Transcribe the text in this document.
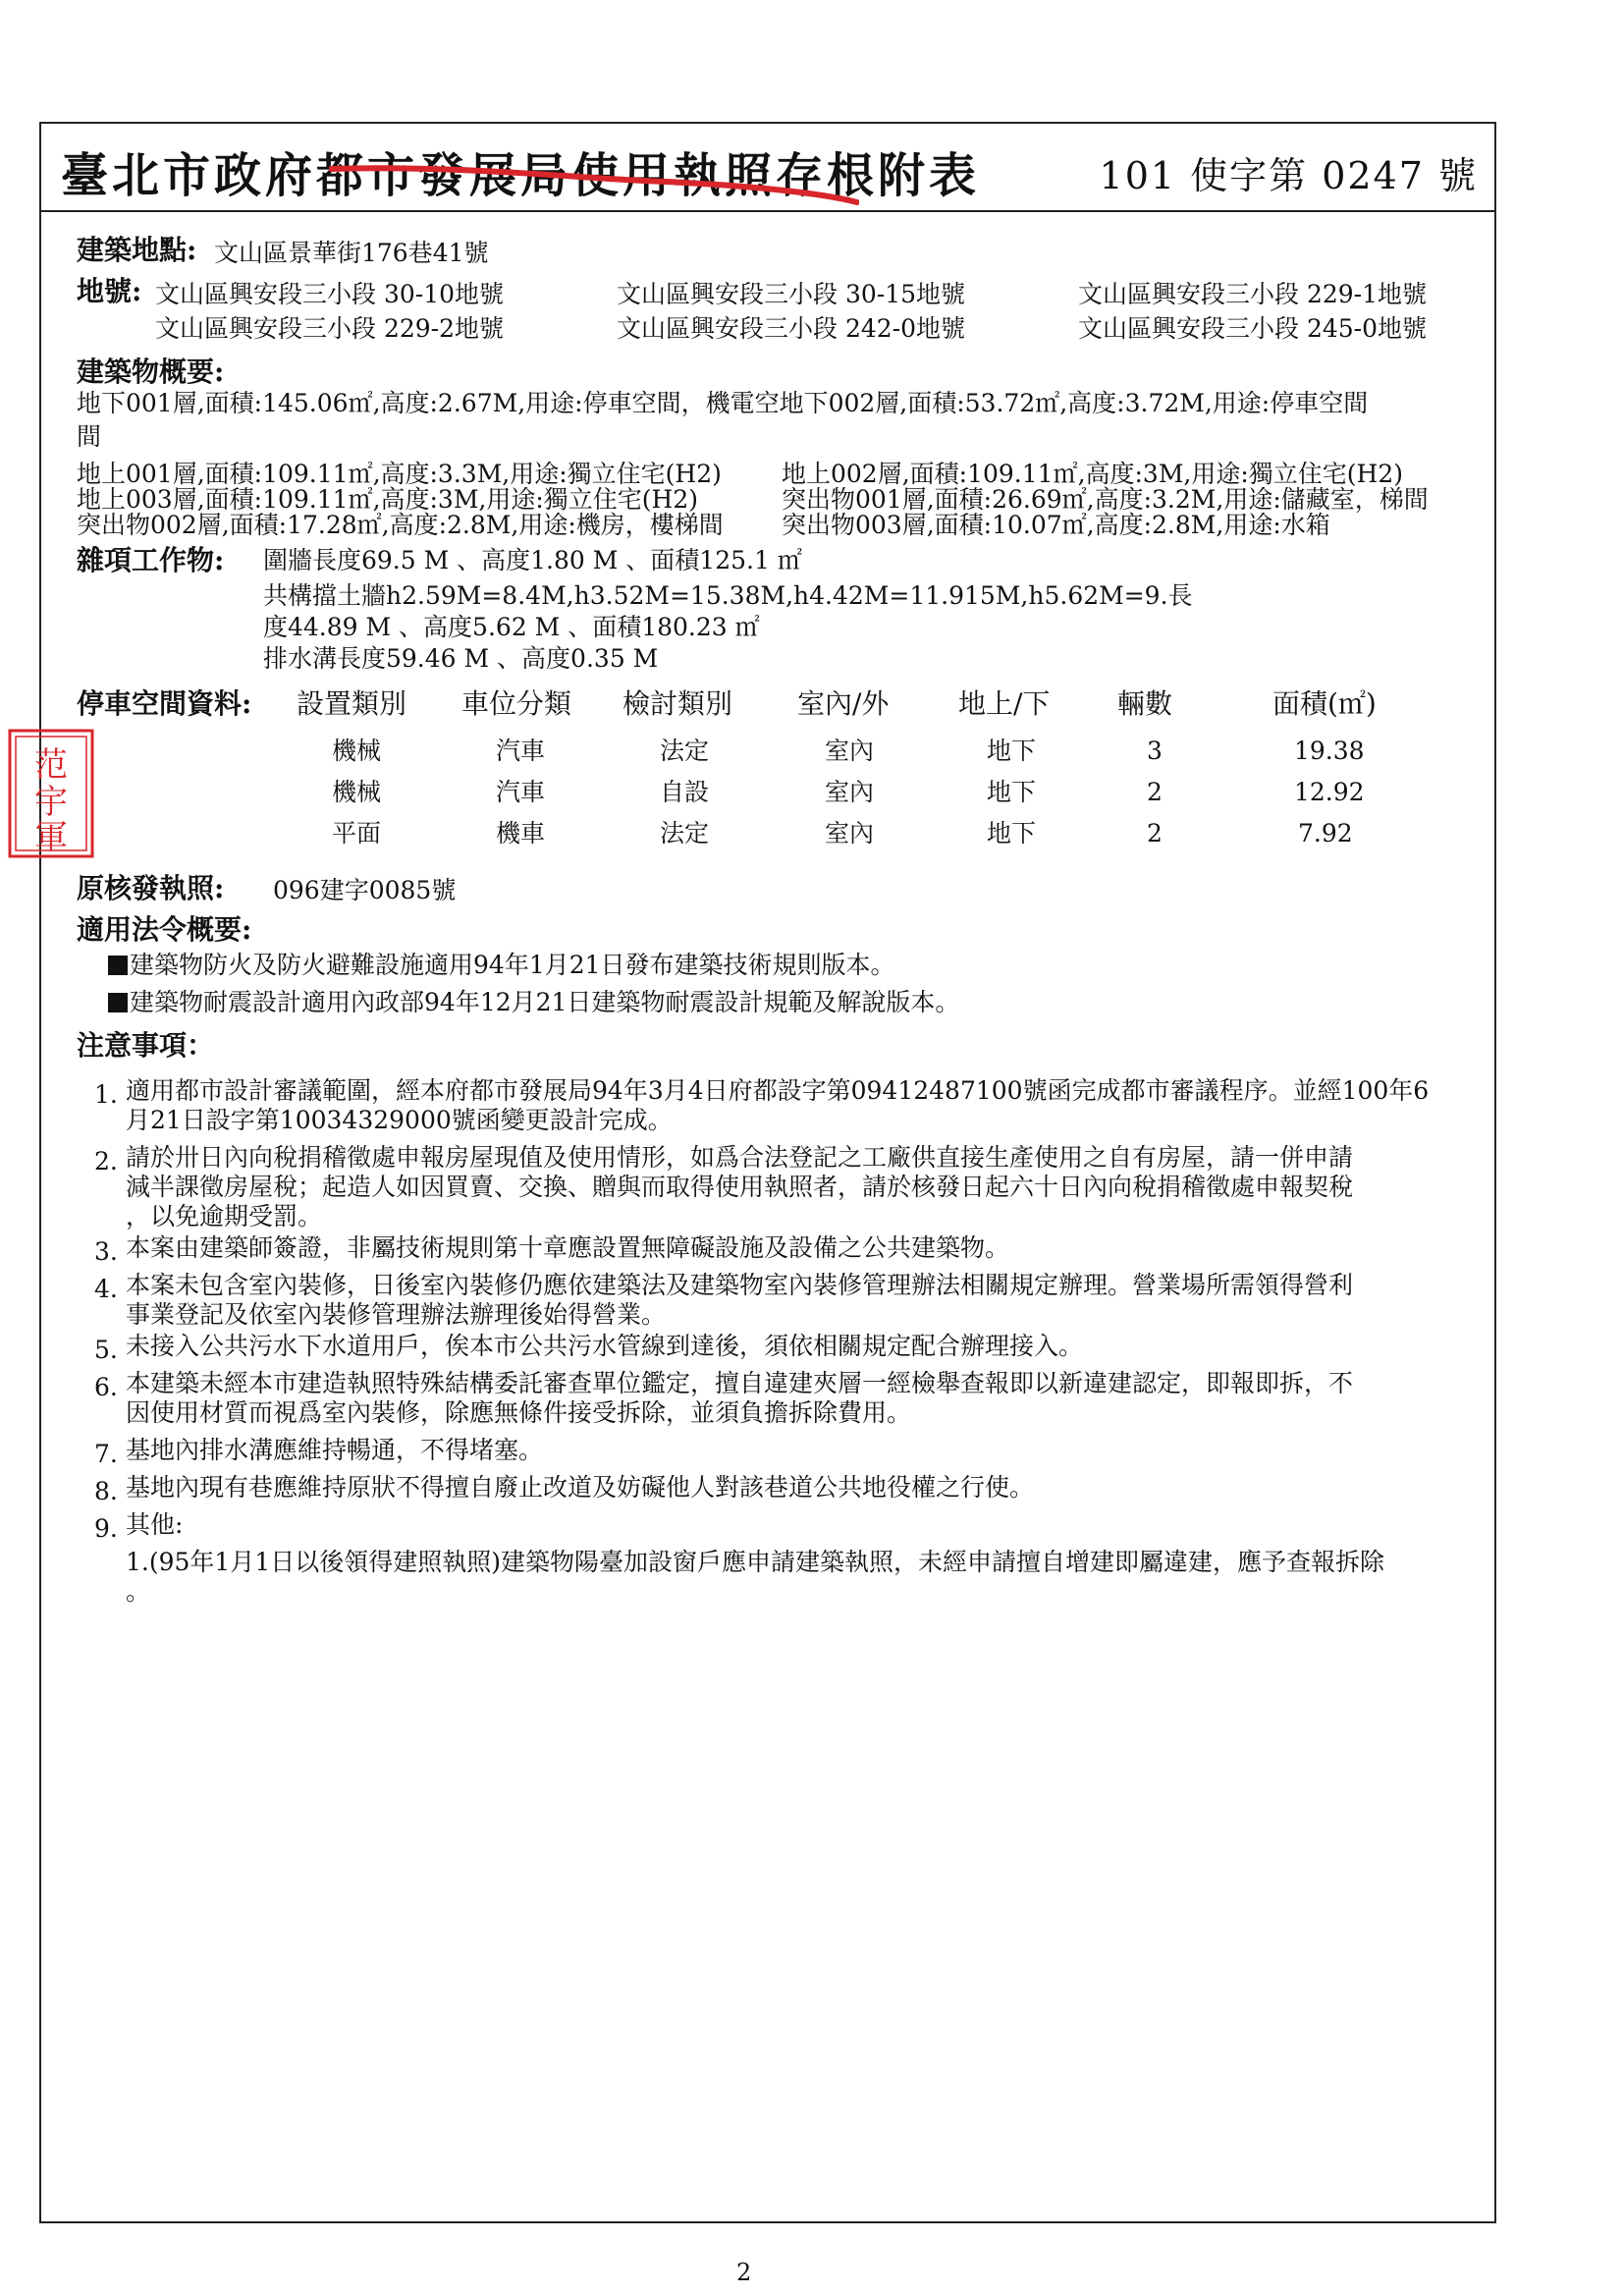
臺北市政府都市發展局使用執照存根附表	101 使字第 0247 號
建築地點: 文山區景華街176巷41號
地號: 文山區興安段三小段 30-10地號	文山區興安段三小段 30-15地號	文山區興安段三小段 229-1地號
文山區興安段三小段 229-2地號	文山區興安段三小段 242-0地號	文山區興安段三小段 245-0地號
建築物概要:
地下001層,面積:145.06㎡,高度:2.67M,用途:停車空間，機電空地下002層,面積:53.72㎡,高度:3.72M,用途:停車空間
間
地上001層,面積:109.11㎡,高度:3.3M,用途:獨立住宅(H2) 地上002層,面積:109.11㎡,高度:3M,用途:獨立住宅(H2)
地上003層,面積:109.11㎡,高度:3M,用途:獨立住宅(H2)	突出物001層,面積:26.69㎡,高度:3.2M,用途:儲藏室，梯間
突出物002層,面積:17.28㎡,高度:2.8M,用途:機房，樓梯間 突出物003層,面積:10.07㎡,高度:2.8M,用途:水箱
雜項工作物: 圍牆長度69.5 M 、高度1.80 M 、面積125.1 ㎡
共構擋土牆h2.59M=8.4M,h3.52M=15.38M,h4.42M=11.915M,h5.62M=9.長
度44.89 M 、高度5.62 M 、面積180.23 ㎡
排水溝長度59.46 M 、高度0.35 M
停車空間資料: 設置類別 車位分類 檢討類別 室內/外	地上/下 輛數	面積(㎡)
機械	汽車	法定	室內	地下	3	19.38
機械	汽車	自設	室內	地下	2	12.92
平面	機車	法定	室內	地下	2	7.92
范
宇
軍
原核發執照: 096建字0085號
適用法令概要:
建築物防火及防火避難設施適用94年1月21日發布建築技術規則版本。
建築物耐震設計適用內政部94年12月21日建築物耐震設計規範及解說版本。
注意事項：
1. 適用都市設計審議範圍，經本府都市發展局94年3月4日府都設字第09412487100號函完成都市審議程序。並經100年6
月21日設字第10034329000號函變更設計完成。
2. 請於卅日內向稅捐稽徵處申報房屋現值及使用情形，如爲合法登記之工廠供直接生產使用之自有房屋，請一併申請
減半課徵房屋稅；起造人如因買賣、交換、贈與而取得使用執照者，請於核發日起六十日內向稅捐稽徵處申報契稅
，以免逾期受罰。
3. 本案由建築師簽證，非屬技術規則第十章應設置無障礙設施及設備之公共建築物。
4. 本案未包含室內裝修，日後室內裝修仍應依建築法及建築物室內裝修管理辦法相關規定辦理。營業場所需領得營利
事業登記及依室內裝修管理辦法辦理後始得營業。
5. 未接入公共污水下水道用戶，俟本市公共污水管線到達後，須依相關規定配合辦理接入。
6. 本建築未經本市建造執照特殊結構委託審查單位鑑定，擅自違建夾層一經檢舉查報即以新違建認定，即報即拆，不
因使用材質而視爲室內裝修，除應無條件接受拆除，並須負擔拆除費用。
7. 基地內排水溝應維持暢通，不得堵塞。
8. 基地內現有巷應維持原狀不得擅自廢止改道及妨礙他人對該巷道公共地役權之行使。
9. 其他:
1.(95年1月1日以後領得建照執照)建築物陽臺加設窗戶應申請建築執照，未經申請擅自增建即屬違建，應予查報拆除
。
2
